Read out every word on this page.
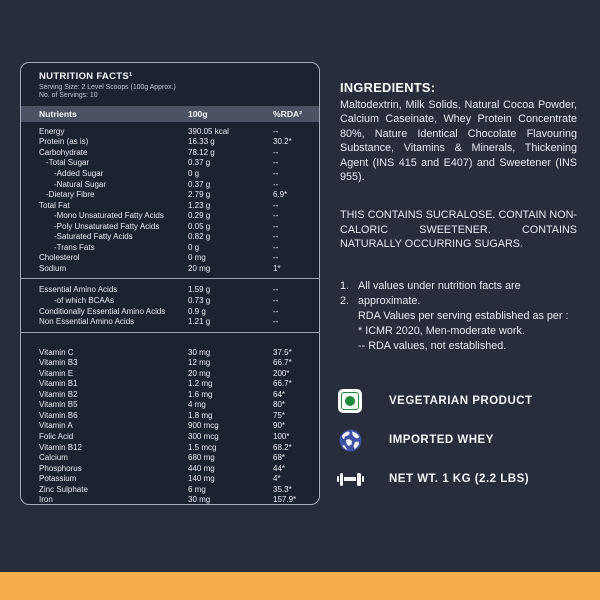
NUTRITION FACTS¹
Serving Size: 2 Level Scoops (100g Approx.)
No. of Servings: 10
Nutrients	100g	%RDA²
Energy	390.05 kcal	--
Protein (as is)	16.33 g	30.2*
Carbohydrate	78.12 g	--
-Total Sugar	0.37 g	--
-Added Sugar	0 g	--
-Natural Sugar	0.37 g	--
-Dietary Fibre	2.79 g	6.9*
Total Fat	1.23 g	--
-Mono Unsaturated Fatty Acids	0.29 g	--
-Poly Unsaturated Fatty Acids	0.05 g	--
-Saturated Fatty Acids	0.82 g	--
-Trans Fats	0 g	--
Cholesterol	0 mg	--
Sodium	20 mg	1*
Essential Amino Acids	1.59 g	--
-of which BCAAs	0.73 g	--
Conditionally Essential Amino Acids	0.9 g	--
Non Essential Amino Acids	1.21 g	--
Vitamin C	30 mg	37.5*
Vitamin B3	12 mg	66.7*
Vitamin E	20 mg	200*
Vitamin B1	1.2 mg	66.7*
Vitamin B2	1.6 mg	64*
Vitamin B5	4 mg	80*
Vitamin B6	1.8 mg	75*
Vitamin A	900 mcg	90*
Folic Acid	300 mcg	100*
Vitamin B12	1.5 mcg	68.2*
Calcium	680 mg	68*
Phosphorus	440 mg	44*
Potassium	140 mg	4*
Zinc Sulphate	6 mg	35.3*
Iron	30 mg	157.9*
INGREDIENTS:

Maltodextrin, Milk Solids, Natural Cocoa Powder, Calcium Caseinate, Whey Protein Concentrate 80%, Nature Identical Chocolate Flavouring Substance, Vitamins & Minerals, Thickening Agent (INS 415 and E407) and Sweetener (INS 955).

THIS CONTAINS SUCRALOSE. CONTAIN NON-CALORIC SWEETENER. CONTAINS NATURALLY OCCURRING SUGARS.

1. All values under nutrition facts are
2. approximate.
RDA Values per serving established as per :
* ICMR 2020, Men-moderate work.
-- RDA values, not established.
VEGETARIAN PRODUCT
IMPORTED WHEY
NET WT. 1 KG (2.2 LBS)
